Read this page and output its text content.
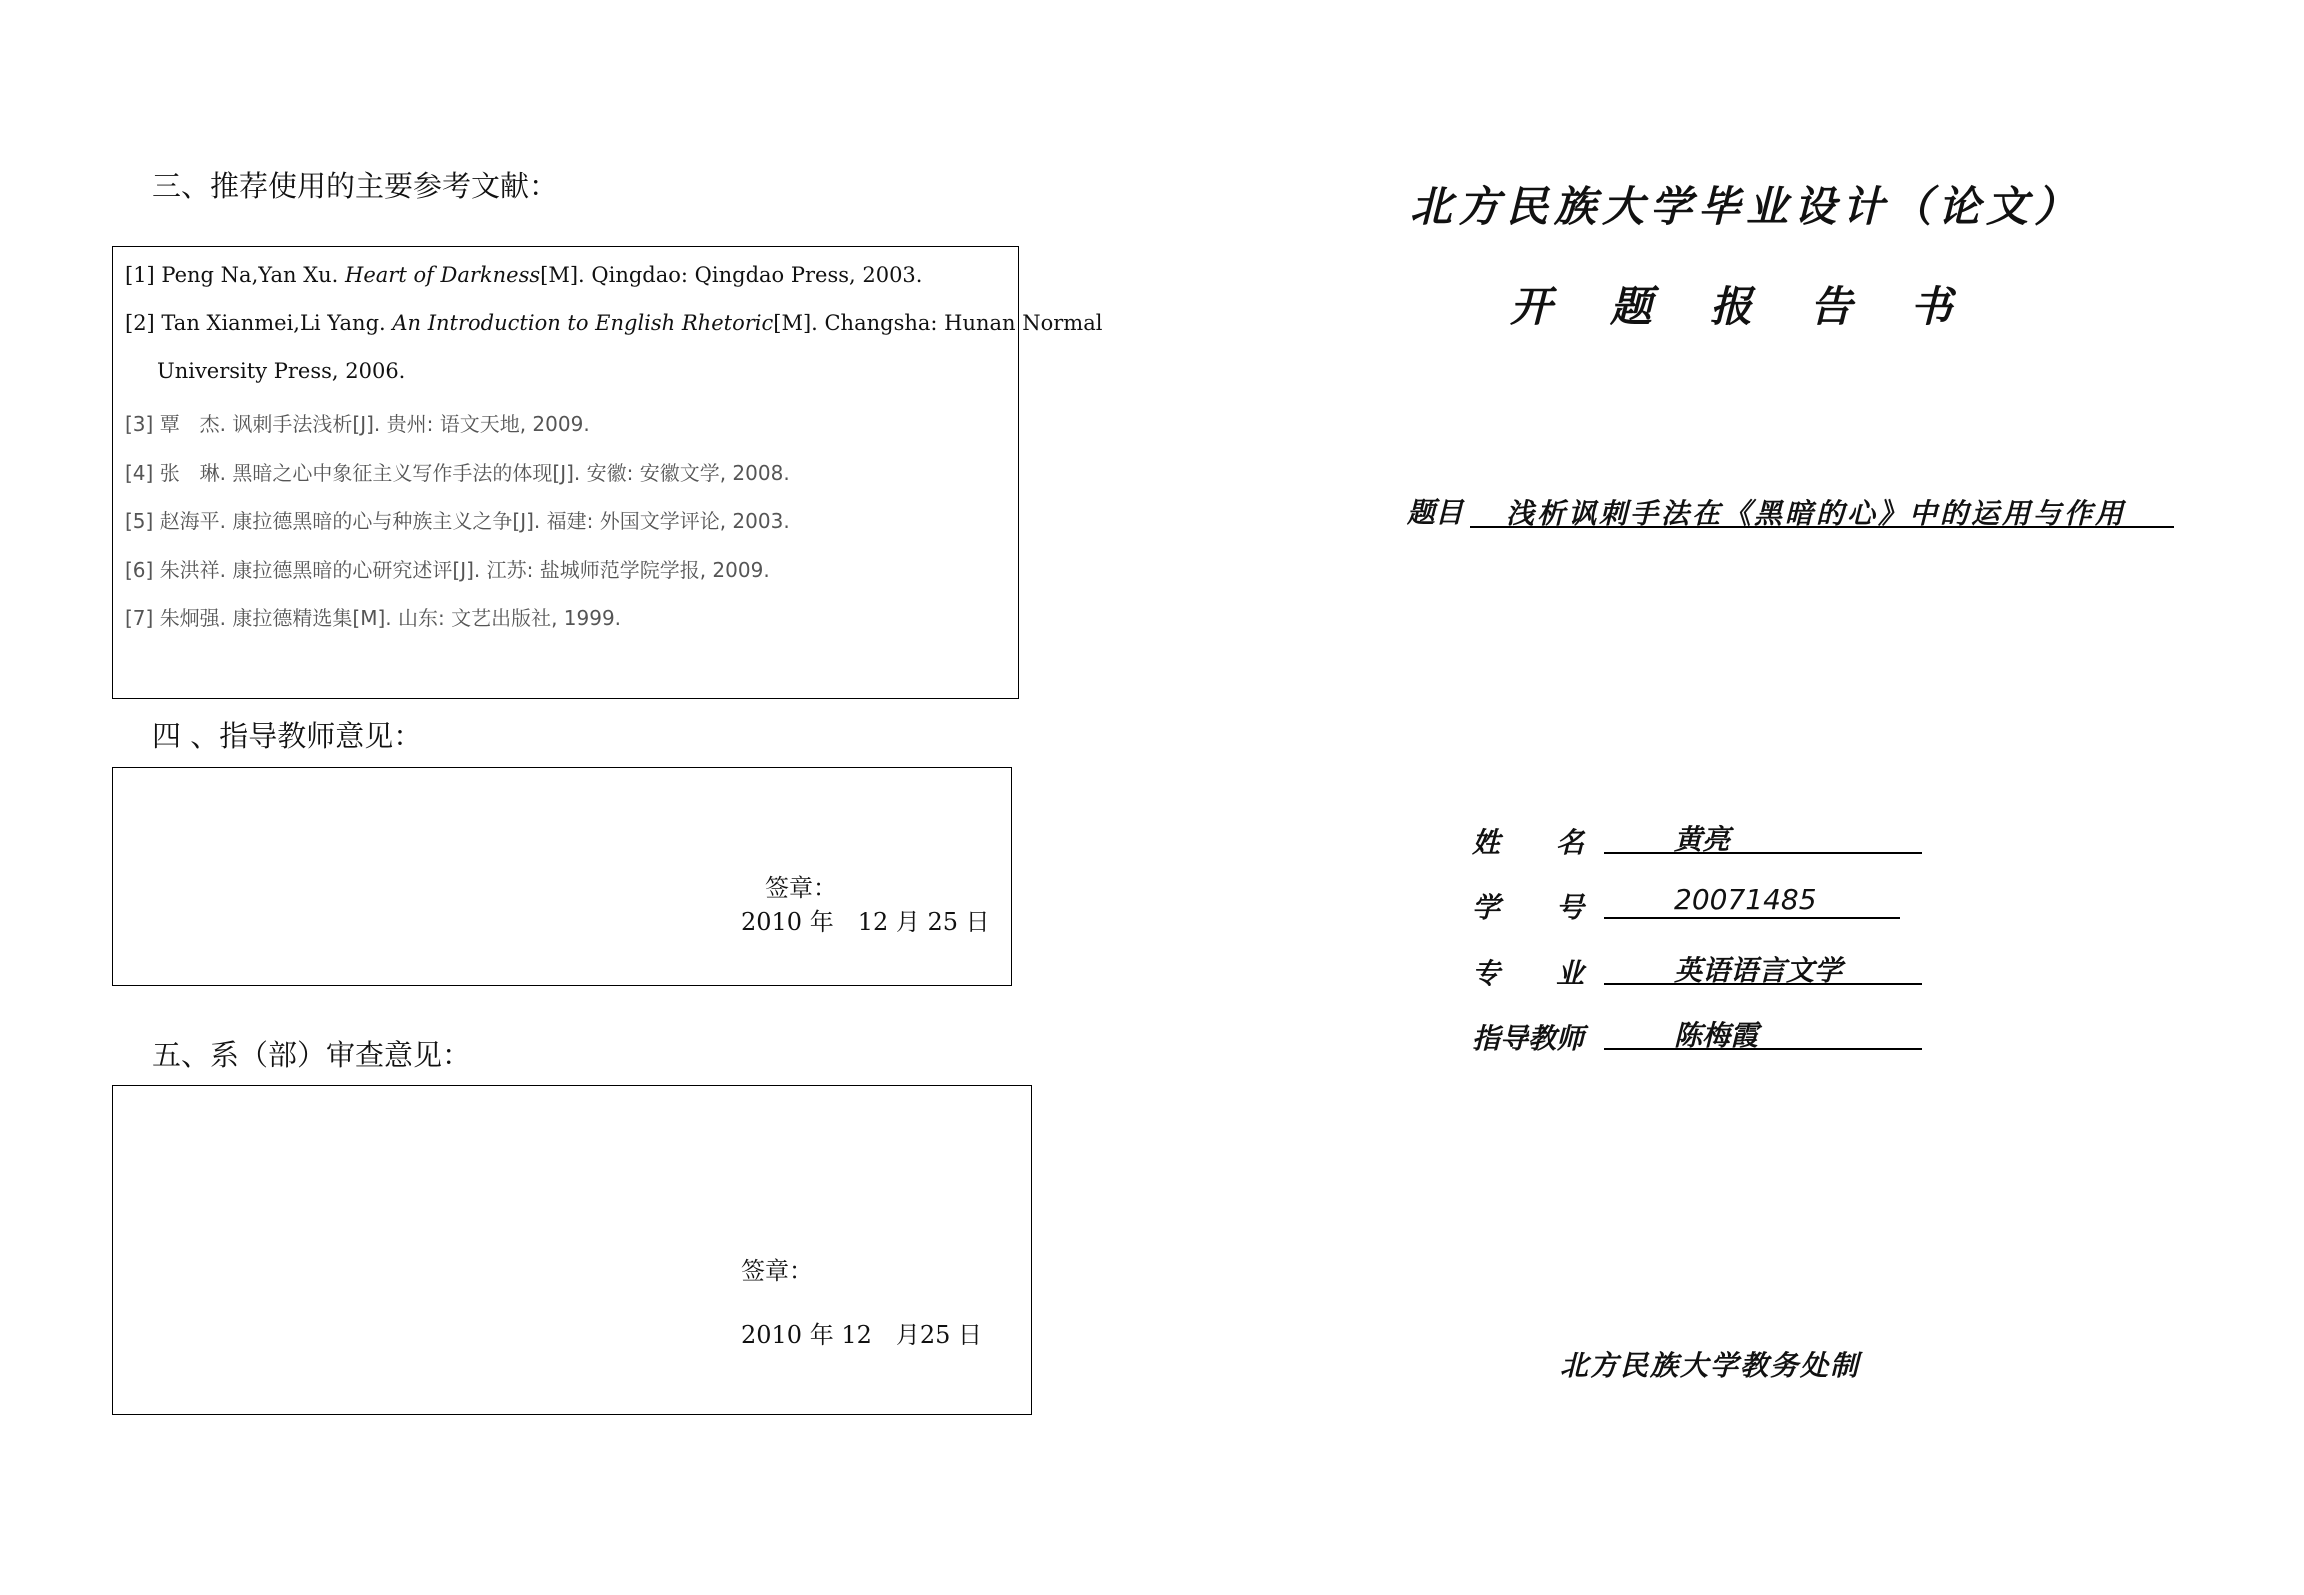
三、推荐使用的主要参考文献：
[1] Peng Na,Yan Xu. Heart of Darkness[M]. Qingdao: Qingdao Press, 2003.
[2] Tan Xianmei,Li Yang. An Introduction to English Rhetoric[M]. Changsha: Hunan Normal
University Press, 2006.
[3] 覃　杰. 讽刺手法浅析[J]. 贵州: 语文天地, 2009.
[4] 张　琳. 黑暗之心中象征主义写作手法的体现[J]. 安徽: 安徽文学, 2008.
[5] 赵海平. 康拉德黑暗的心与种族主义之争[J]. 福建: 外国文学评论, 2003.
[6] 朱洪祥. 康拉德黑暗的心研究述评[J]. 江苏: 盐城师范学院学报, 2009.
[7] 朱炯强. 康拉德精选集[M]. 山东: 文艺出版社, 1999.
四 、指导教师意见：
签章：
2010 年　12 月 25 日
五、系（部）审查意见：
签章：
2010 年 12　月25 日
北方民族大学毕业设计（论文）
开　题　报　告　书
题目 浅析讽刺手法在《黑暗的心》中的运用与作用
姓　　名	黄亮
学　　号	20071485
专　　业	英语语言文学
指导教师	陈梅霞
北方民族大学教务处制
